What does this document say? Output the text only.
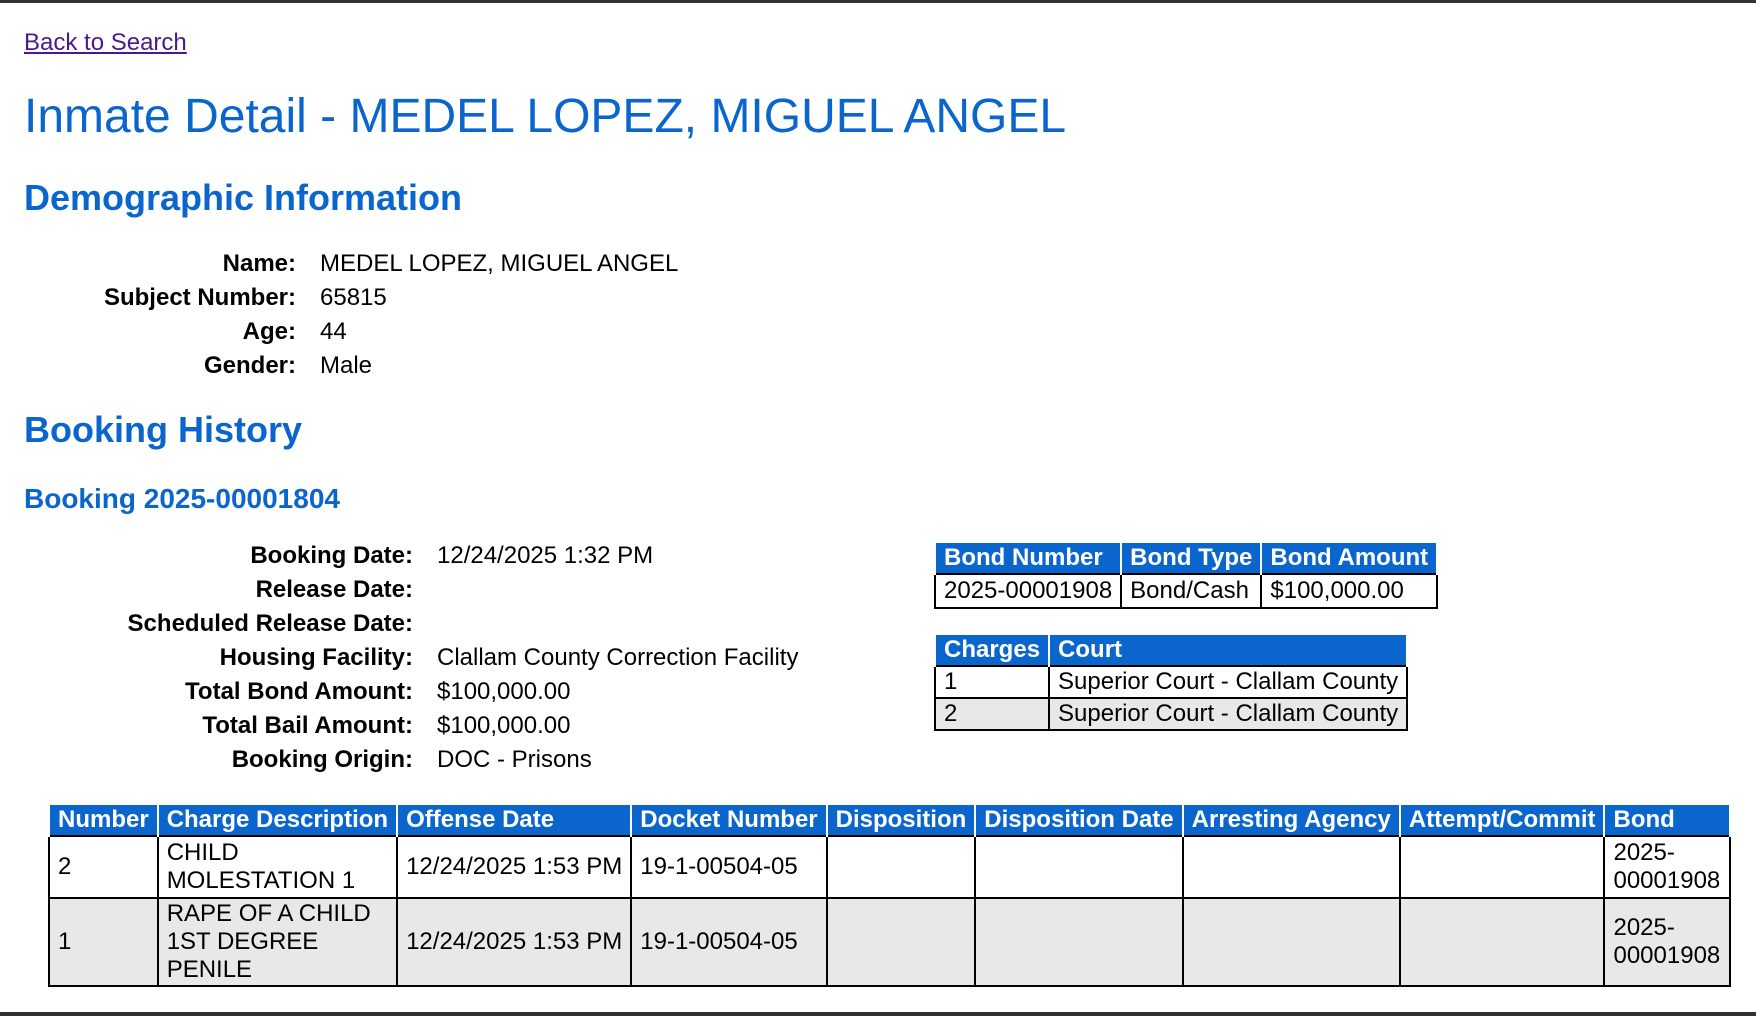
Back to Search
Inmate Detail - MEDEL LOPEZ, MIGUEL ANGEL
Demographic Information
Name:	MEDEL LOPEZ, MIGUEL ANGEL
Subject Number:	65815
Age:	44
Gender:	Male
Booking History
Booking 2025-00001804
Booking Date:	12/24/2025 1:32 PM
Release Date:
Scheduled Release Date:
Housing Facility:	Clallam County Correction Facility
Total Bond Amount:	$100,000.00
Total Bail Amount:	$100,000.00
Booking Origin:	DOC - Prisons
Bond Number	Bond Type	Bond Amount
2025-00001908	Bond/Cash	$100,000.00
Charges	Court
1	Superior Court - Clallam County
2	Superior Court - Clallam County
Number	Charge Description	Offense Date	Docket Number	Disposition	Disposition Date	Arresting Agency	Attempt/Commit	Bond
2	CHILD MOLESTATION 1	12/24/2025 1:53 PM	19-1-00504-05					2025-00001908
1	RAPE OF A CHILD 1ST DEGREE PENILE	12/24/2025 1:53 PM	19-1-00504-05					2025-00001908
